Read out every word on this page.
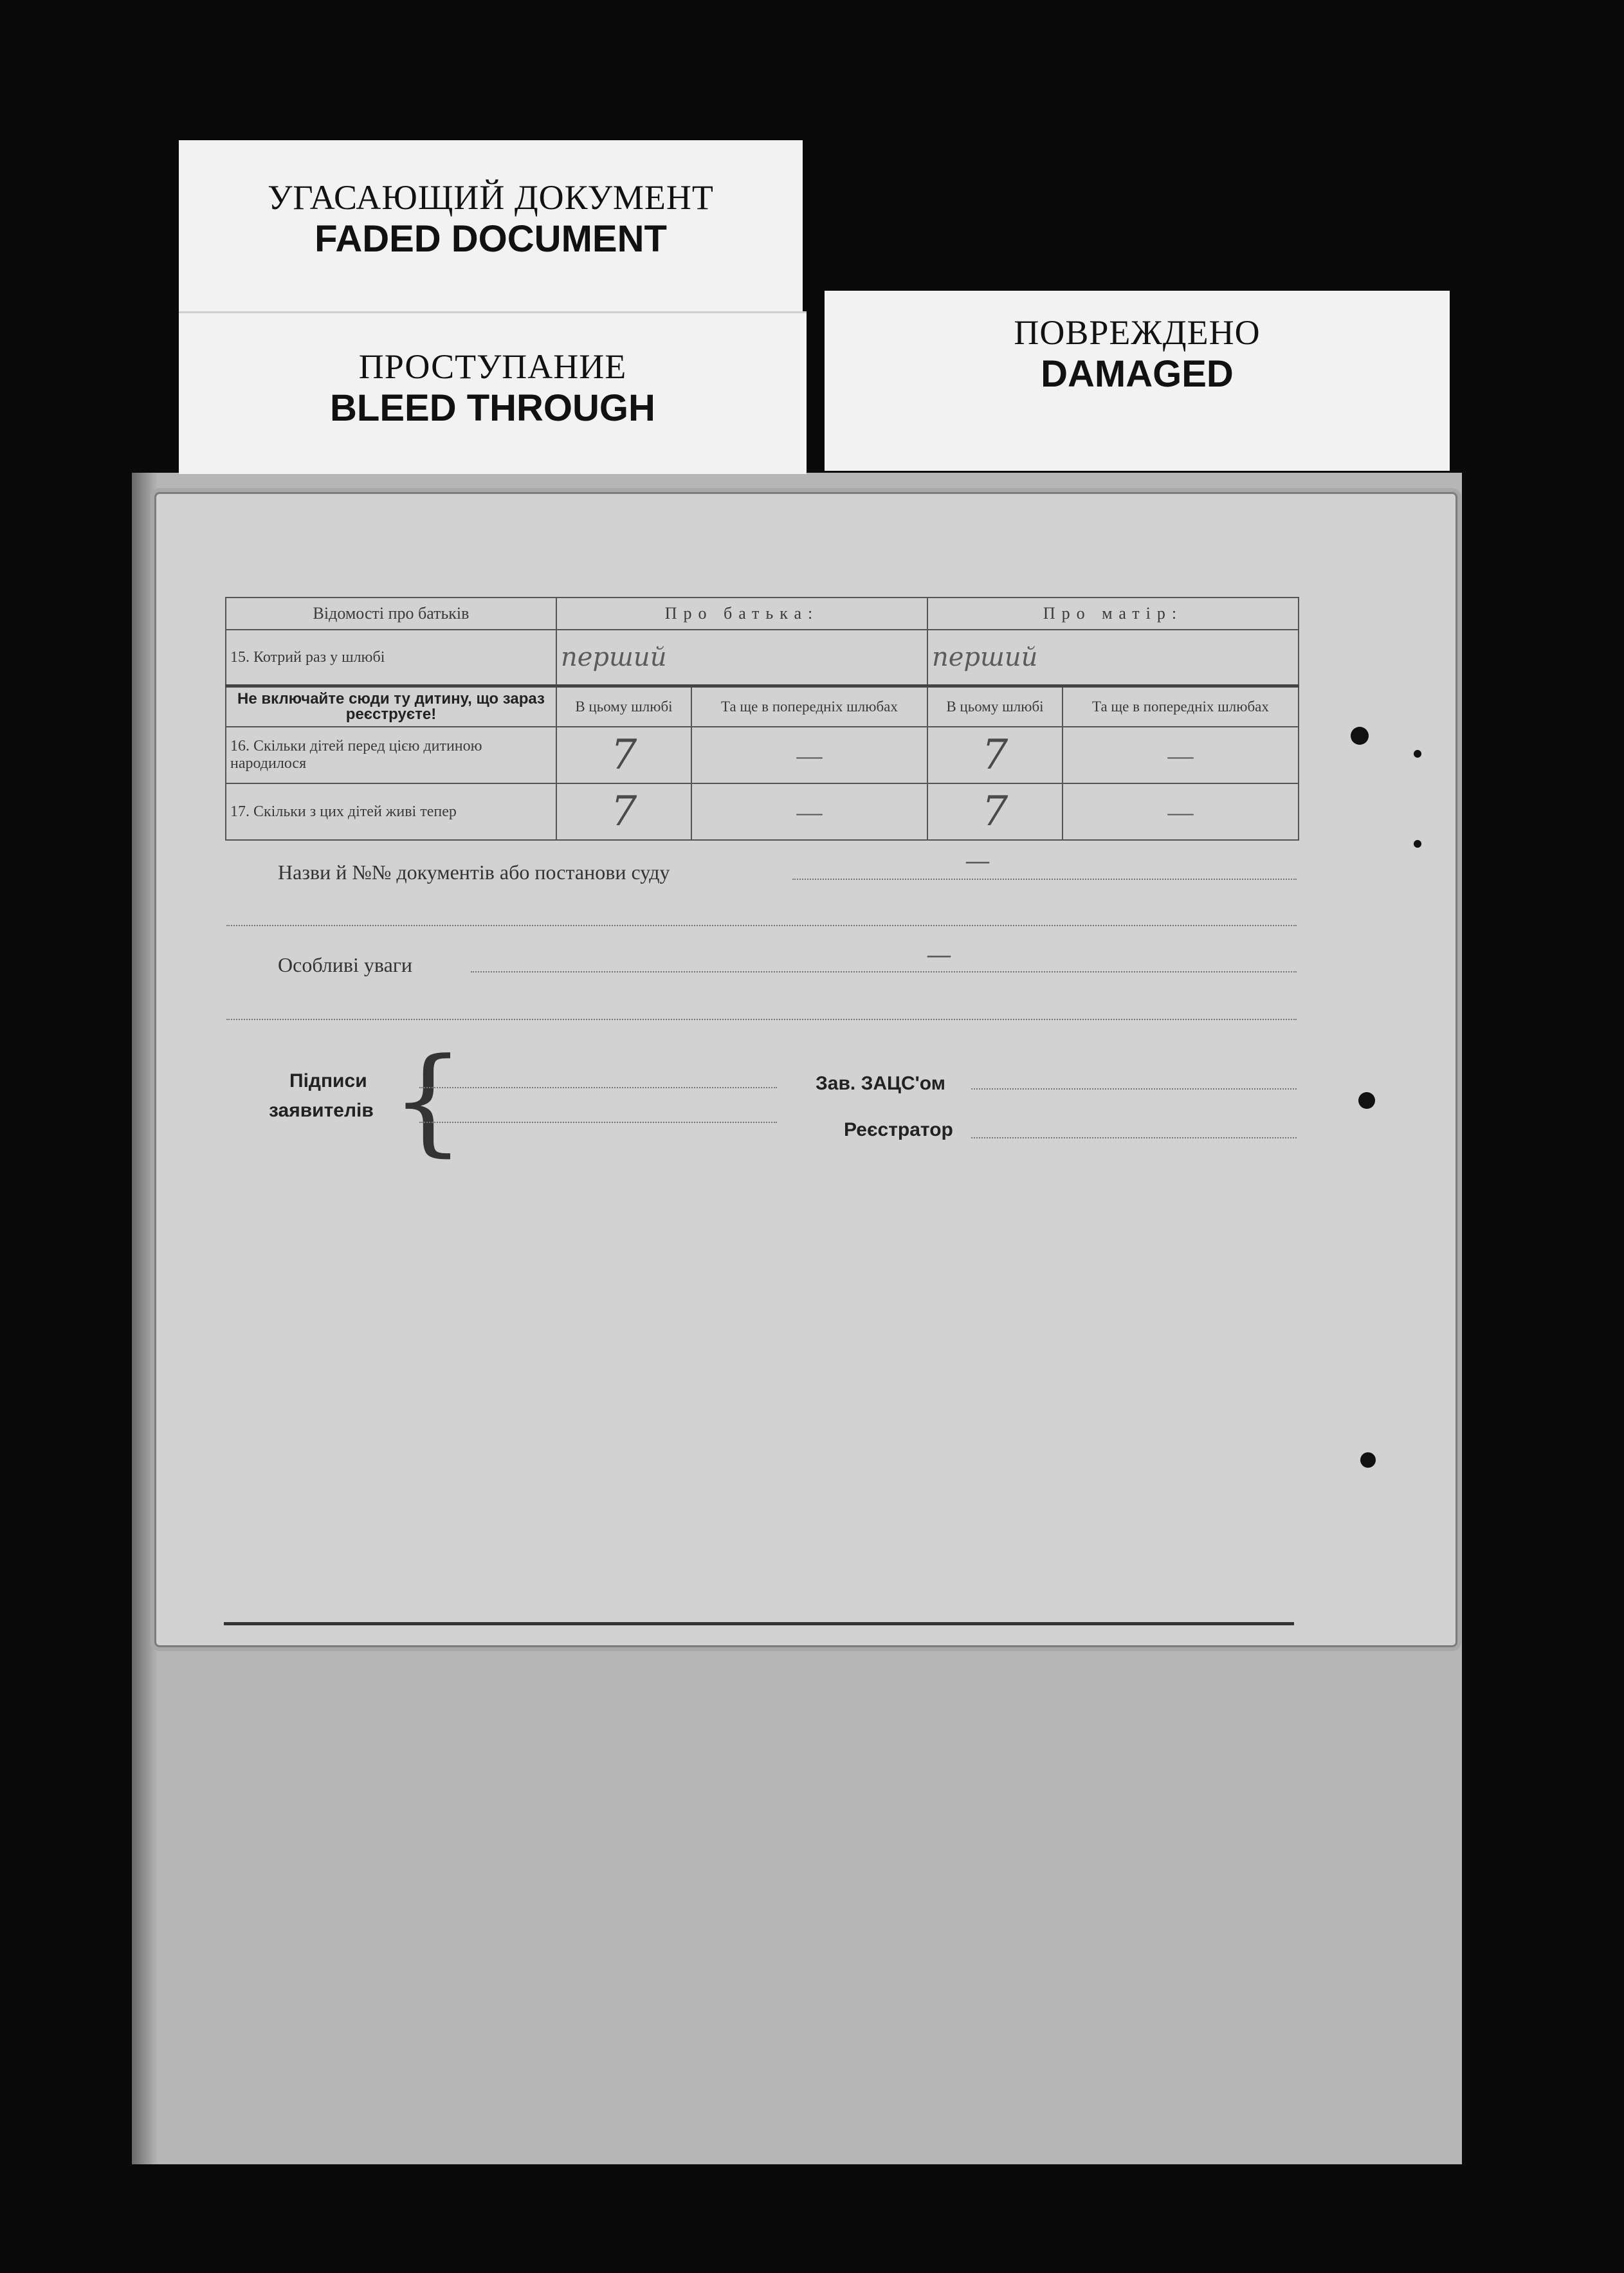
УГАСАЮЩИЙ ДОКУМЕНТ
FADED DOCUMENT
ПРОСТУПАНИЕ
BLEED THROUGH
ПОВРЕЖДЕНО
DAMAGED
Відомості про батьків	Про батька:		Про матір:	
15. Котрий раз у шлюбі	перший		перший	
Не включайте сюди ту дитину, що зараз реєструєте!	В цьому шлюбі	Та ще в попередніх шлюбах	В цьому шлюбі	Та ще в попередніх шлюбах
16. Скільки дітей перед цією дитиною народилося	7	—	7	—
17. Скільки з цих дітей живі тепер	7	—	7	—
Назви й №№ документів або постанови суду	—
Особливі уваги	—
Підписи
заявителів {	Зав. ЗАЦС'ом
Реєстратор
